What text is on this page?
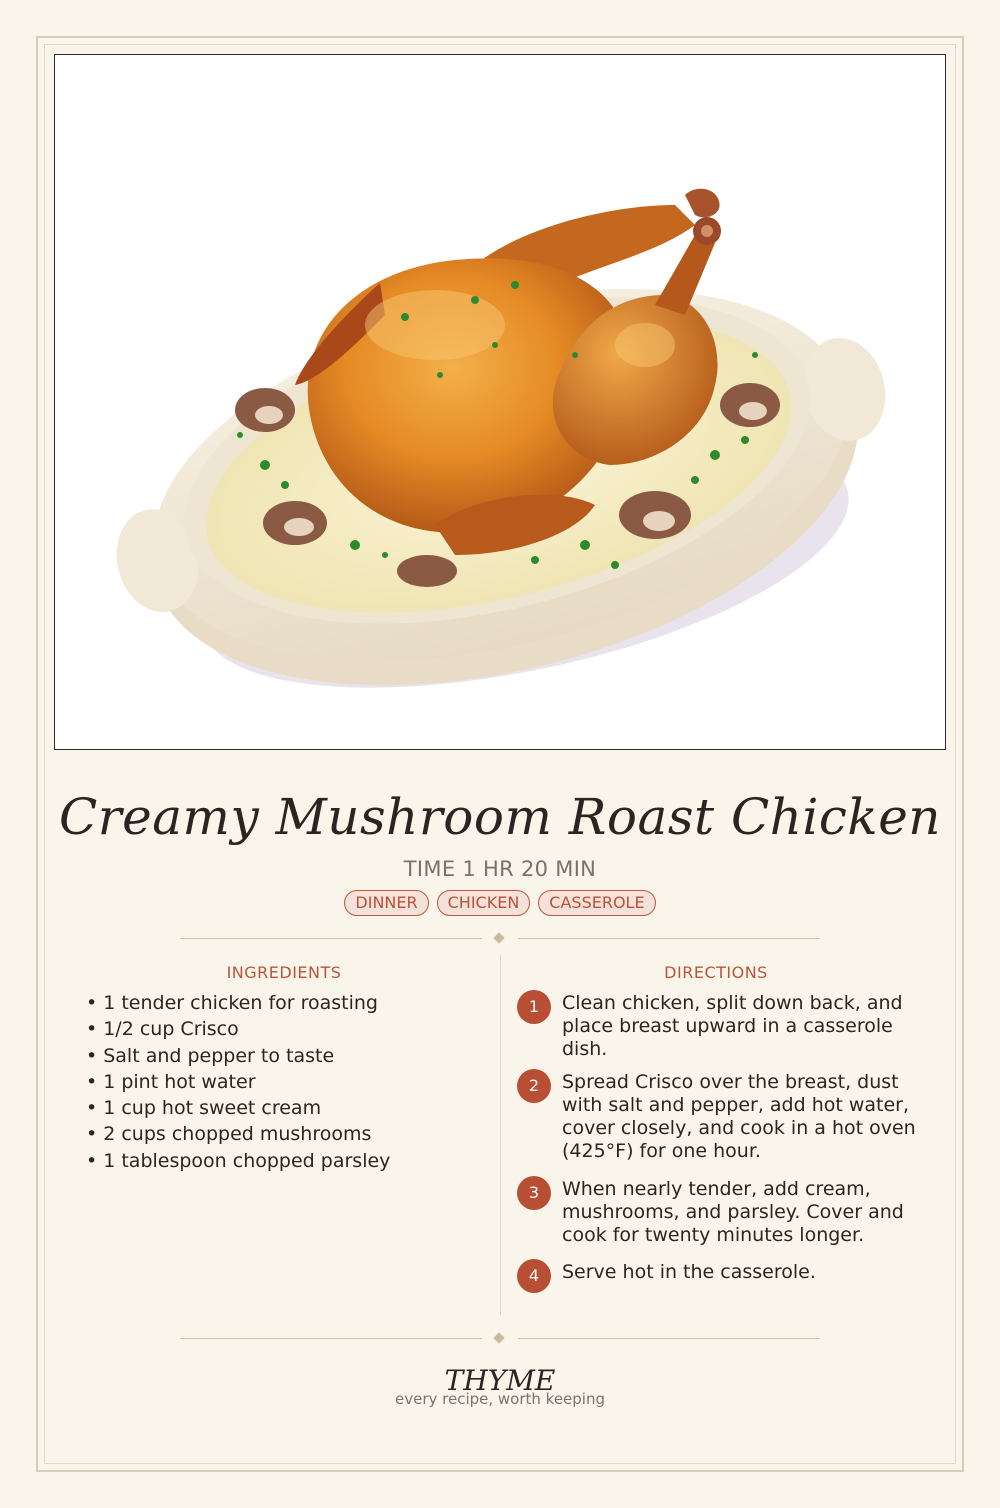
Creamy Mushroom Roast Chicken
TIME 1 HR 20 MIN
DINNER	CHICKEN	CASSEROLE
INGREDIENTS
• 1 tender chicken for roasting
• 1/2 cup Crisco
• Salt and pepper to taste
• 1 pint hot water
• 1 cup hot sweet cream
• 2 cups chopped mushrooms
• 1 tablespoon chopped parsley
DIRECTIONS
1	Clean chicken, split down back, and place breast upward in a casserole dish.
2	Spread Crisco over the breast, dust with salt and pepper, add hot water, cover closely, and cook in a hot oven (425°F) for one hour.
3	When nearly tender, add cream, mushrooms, and parsley. Cover and cook for twenty minutes longer.
4	Serve hot in the casserole.
THYME
every recipe, worth keeping
